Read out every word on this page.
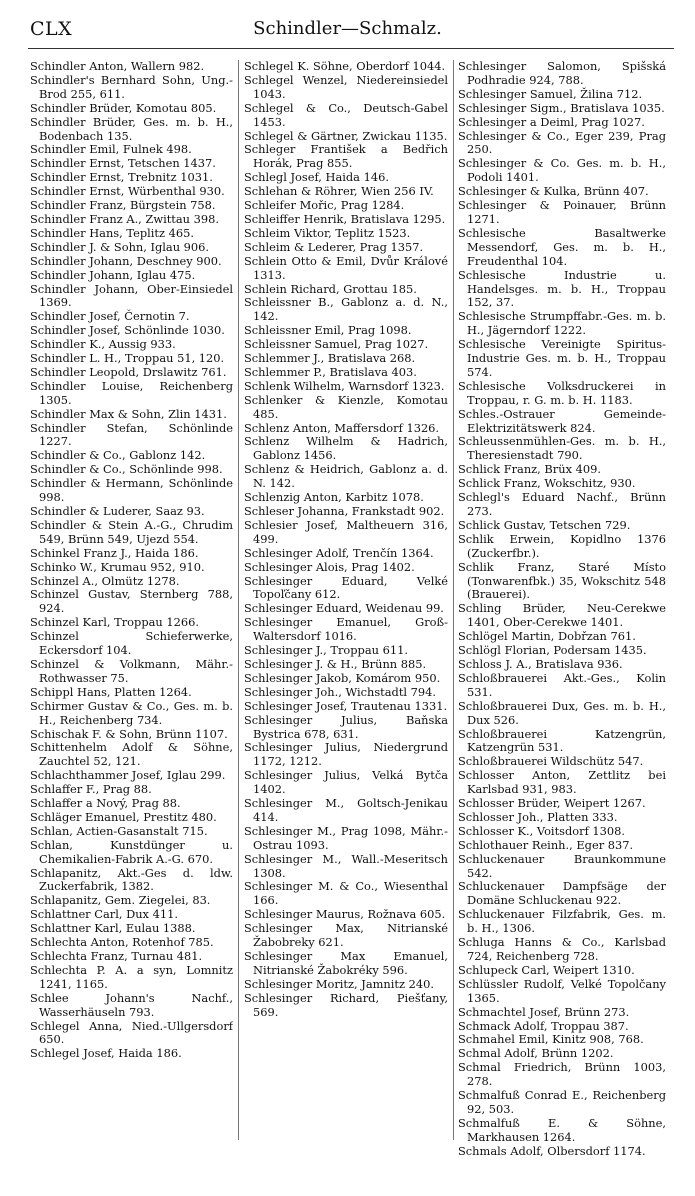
CLX	Schindler—Schmalz.

Schindler Anton, Wallern 982.

Schindler's Bernhard Sohn, Ung.-Brod 255, 611.

Schindler Brüder, Komotau 805.

Schindler Brüder, Ges. m. b. H., Bodenbach 135.

Schindler Emil, Fulnek 498.

Schindler Ernst, Tetschen 1437.

Schindler Ernst, Trebnitz 1031.

Schindler Ernst, Würbenthal 930.

Schindler Franz, Bürgstein 758.

Schindler Franz A., Zwittau 398.

Schindler Hans, Teplitz 465.

Schindler J. & Sohn, Iglau 906.

Schindler Johann, Deschney 900.

Schindler Johann, Iglau 475.

Schindler Johann, Ober-Einsiedel 1369.

Schindler Josef, Černotin 7.

Schindler Josef, Schönlinde 1030.

Schindler K., Aussig 933.

Schindler L. H., Troppau 51, 120.

Schindler Leopold, Drslawitz 761.

Schindler Louise, Reichenberg 1305.

Schindler Max & Sohn, Zlin 1431.

Schindler Stefan, Schönlinde 1227.

Schindler & Co., Gablonz 142.

Schindler & Co., Schönlinde 998.

Schindler & Hermann, Schönlinde 998.

Schindler & Luderer, Saaz 93.

Schindler & Stein A.-G., Chrudim 549, Brünn 549, Ujezd 554.

Schinkel Franz J., Haida 186.

Schinko W., Krumau 952, 910.

Schinzel A., Olmütz 1278.

Schinzel Gustav, Sternberg 788, 924.

Schinzel Karl, Troppau 1266.

Schinzel Schieferwerke, Eckersdorf 104.

Schinzel & Volkmann, Mähr.-Rothwasser 75.

Schippl Hans, Platten 1264.

Schirmer Gustav & Co., Ges. m. b. H., Reichenberg 734.

Schischak F. & Sohn, Brünn 1107.

Schittenhelm Adolf & Söhne, Zauchtel 52, 121.

Schlachthammer Josef, Iglau 299.

Schlaffer F., Prag 88.

Schlaffer a Nový, Prag 88.

Schläger Emanuel, Prestitz 480.

Schlan, Actien-Gasanstalt 715.

Schlan, Kunstdünger u. Chemikalien-Fabrik A.-G. 670.

Schlapanitz, Akt.-Ges d. ldw. Zuckerfabrik, 1382.

Schlapanitz, Gem. Ziegelei, 83.

Schlattner Carl, Dux 411.

Schlattner Karl, Eulau 1388.

Schlechta Anton, Rotenhof 785.

Schlechta Franz, Turnau 481.

Schlechta P. A. a syn, Lomnitz 1241, 1165.

Schlee Johann's Nachf., Wasserhäuseln 793.

Schlegel Anna, Nied.-Ullgersdorf 650.

Schlegel Josef, Haida 186.

Schlegel K. Söhne, Oberdorf 1044.

Schlegel Wenzel, Niedereinsiedel 1043.

Schlegel & Co., Deutsch-Gabel 1453.

Schlegel & Gärtner, Zwickau 1135.

Schleger František a Bedřich Horák, Prag 855.

Schlegl Josef, Haida 146.

Schlehan & Röhrer, Wien 256 IV.

Schleifer Mořic, Prag 1284.

Schleiffer Henrik, Bratislava 1295.

Schleim Viktor, Teplitz 1523.

Schleim & Lederer, Prag 1357.

Schlein Otto & Emil, Dvůr Králové 1313.

Schlein Richard, Grottau 185.

Schleissner B., Gablonz a. d. N., 142.

Schleissner Emil, Prag 1098.

Schleissner Samuel, Prag 1027.

Schlemmer J., Bratislava 268.

Schlemmer P., Bratislava 403.

Schlenk Wilhelm, Warnsdorf 1323.

Schlenker & Kienzle, Komotau 485.

Schlenz Anton, Maffersdorf 1326.

Schlenz Wilhelm & Hadrich, Gablonz 1456.

Schlenz & Heidrich, Gablonz a. d. N. 142.

Schlenzig Anton, Karbitz 1078.

Schleser Johanna, Frankstadt 902.

Schlesier Josef, Maltheuern 316, 499.

Schlesinger Adolf, Trenčín 1364.

Schlesinger Alois, Prag 1402.

Schlesinger Eduard, Velké Topoľčany 612.

Schlesinger Eduard, Weidenau 99.

Schlesinger Emanuel, Groß-Waltersdorf 1016.

Schlesinger J., Troppau 611.

Schlesinger J. & H., Brünn 885.

Schlesinger Jakob, Komárom 950.

Schlesinger Joh., Wichstadtl 794.

Schlesinger Josef, Trautenau 1331.

Schlesinger Julius, Baňska Bystrica 678, 631.

Schlesinger Julius, Niedergrund 1172, 1212.

Schlesinger Julius, Velká Bytča 1402.

Schlesinger M., Goltsch-Jenikau 414.

Schlesinger M., Prag 1098, Mähr.-Ostrau 1093.

Schlesinger M., Wall.-Meseritsch 1308.

Schlesinger M. & Co., Wiesenthal 166.

Schlesinger Maurus, Rožnava 605.

Schlesinger Max, Nitrianské Žabobreky 621.

Schlesinger Max Emanuel, Nitrianské Žabokréky 596.

Schlesinger Moritz, Jamnitz 240.

Schlesinger Richard, Piešťany, 569.

Schlesinger Salomon, Spišská Podhradie 924, 788.

Schlesinger Samuel, Žilina 712.

Schlesinger Sigm., Bratislava 1035.

Schlesinger a Deiml, Prag 1027.

Schlesinger & Co., Eger 239, Prag 250.

Schlesinger & Co. Ges. m. b. H., Podoli 1401.

Schlesinger & Kulka, Brünn 407.

Schlesinger & Poinauer, Brünn 1271.

Schlesische Basaltwerke Messendorf, Ges. m. b. H., Freudenthal 104.

Schlesische Industrie u. Handelsges. m. b. H., Troppau 152, 37.

Schlesische Strumpffabr.-Ges. m. b. H., Jägerndorf 1222.

Schlesische Vereinigte Spiritus-Industrie Ges. m. b. H., Troppau 574.

Schlesische Volksdruckerei in Troppau, r. G. m. b. H. 1183.

Schles.-Ostrauer Gemeinde-Elektrizitätswerk 824.

Schleussenmühlen-Ges. m. b. H., Theresienstadt 790.

Schlick Franz, Brüx 409.

Schlick Franz, Wokschitz, 930.

Schlegl's Eduard Nachf., Brünn 273.

Schlick Gustav, Tetschen 729.

Schlik Erwein, Kopidlno 1376 (Zuckerfbr.).

Schlik Franz, Staré Místo (Tonwarenfbk.) 35, Wokschitz 548 (Brauerei).

Schling Brüder, Neu-Cerekwe 1401, Ober-Cerekwe 1401.

Schlögel Martin, Dobřzan 761.

Schlögl Florian, Podersam 1435.

Schloss J. A., Bratislava 936.

Schloßbrauerei Akt.-Ges., Kolin 531.

Schloßbrauerei Dux, Ges. m. b. H., Dux 526.

Schloßbrauerei Katzengrün, Katzengrün 531.

Schloßbrauerei Wildschütz 547.

Schlosser Anton, Zettlitz bei Karlsbad 931, 983.

Schlosser Brüder, Weipert 1267.

Schlosser Joh., Platten 333.

Schlosser K., Voitsdorf 1308.

Schlothauer Reinh., Eger 837.

Schluckenauer Braunkommune 542.

Schluckenauer Dampfsäge der Domäne Schluckenau 922.

Schluckenauer Filzfabrik, Ges. m. b. H., 1306.

Schluga Hanns & Co., Karlsbad 724, Reichenberg 728.

Schlupeck Carl, Weipert 1310.

Schlüssler Rudolf, Velké Topolčany 1365.

Schmachtel Josef, Brünn 273.

Schmack Adolf, Troppau 387.

Schmahel Emil, Kinitz 908, 768.

Schmal Adolf, Brünn 1202.

Schmal Friedrich, Brünn 1003, 278.

Schmalfuß Conrad E., Reichenberg 92, 503.

Schmalfuß E. & Söhne, Markhausen 1264.

Schmals Adolf, Olbersdorf 1174.
